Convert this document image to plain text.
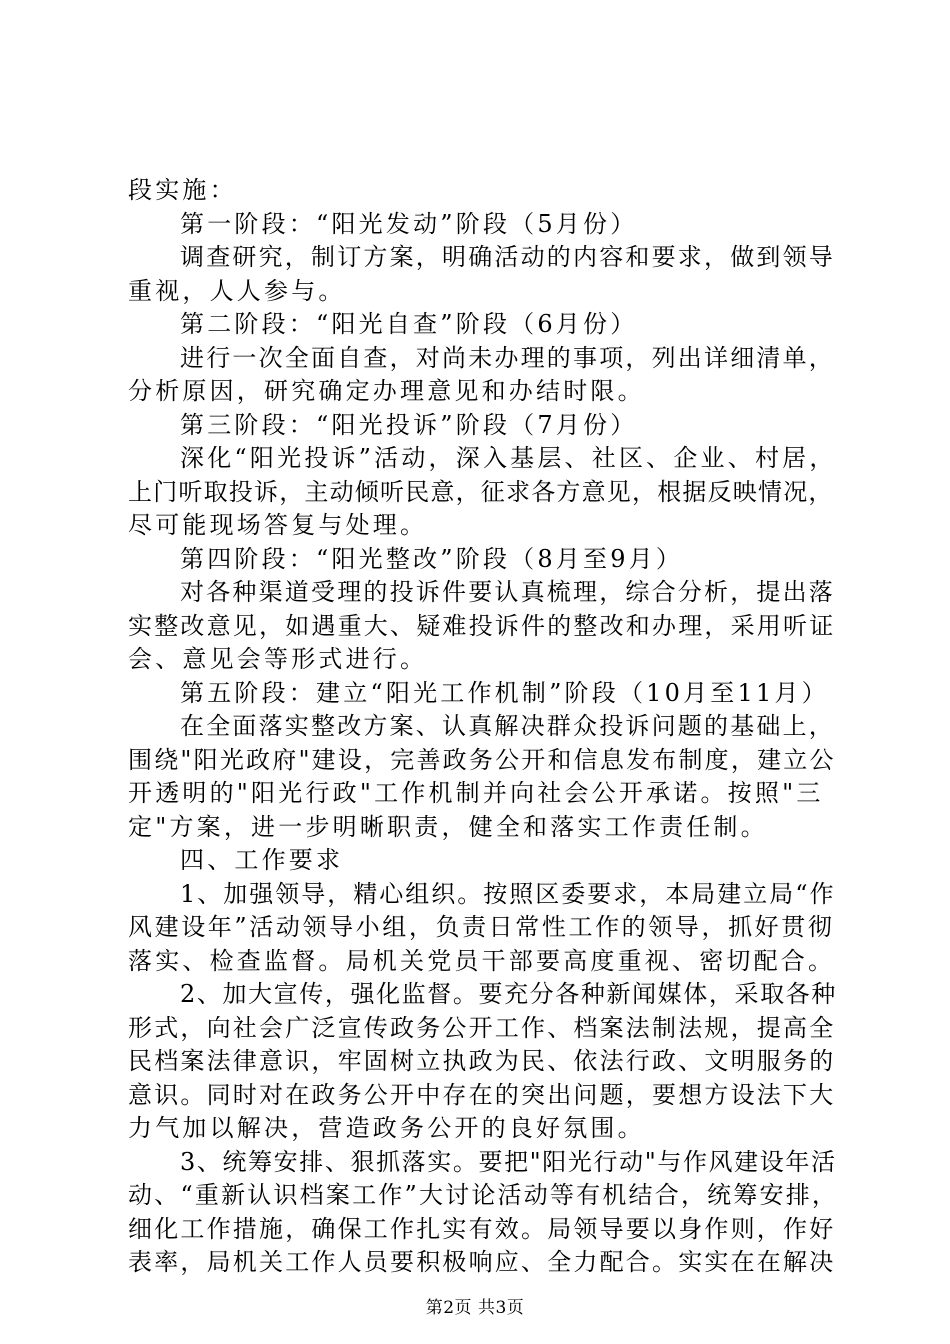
段实施：
第一阶段：“阳光发动”阶段（5月份）
调查研究，制订方案，明确活动的内容和要求，做到领导
重视，人人参与。
第二阶段：“阳光自查”阶段（6月份）
进行一次全面自查，对尚未办理的事项，列出详细清单，
分析原因，研究确定办理意见和办结时限。
第三阶段：“阳光投诉”阶段（7月份）
深化“阳光投诉”活动，深入基层、社区、企业、村居，
上门听取投诉，主动倾听民意，征求各方意见，根据反映情况，
尽可能现场答复与处理。
第四阶段：“阳光整改”阶段（8月至9月）
对各种渠道受理的投诉件要认真梳理，综合分析，提出落
实整改意见，如遇重大、疑难投诉件的整改和办理，采用听证
会、意见会等形式进行。
第五阶段：建立“阳光工作机制”阶段（10月至11月）
在全面落实整改方案、认真解决群众投诉问题的基础上，
围绕"阳光政府"建设，完善政务公开和信息发布制度，建立公
开透明的"阳光行政"工作机制并向社会公开承诺。按照"三
定"方案，进一步明晰职责，健全和落实工作责任制。
四、工作要求
1、加强领导，精心组织。按照区委要求，本局建立局“作
风建设年”活动领导小组，负责日常性工作的领导，抓好贯彻
落实、检查监督。局机关党员干部要高度重视、密切配合。
2、加大宣传，强化监督。要充分各种新闻媒体，采取各种
形式，向社会广泛宣传政务公开工作、档案法制法规，提高全
民档案法律意识，牢固树立执政为民、依法行政、文明服务的
意识。同时对在政务公开中存在的突出问题，要想方设法下大
力气加以解决，营造政务公开的良好氛围。
3、统筹安排、狠抓落实。要把"阳光行动"与作风建设年活
动、“重新认识档案工作”大讨论活动等有机结合，统筹安排，
细化工作措施，确保工作扎实有效。局领导要以身作则，作好
表率，局机关工作人员要积极响应、全力配合。实实在在解决
第2页 共3页
